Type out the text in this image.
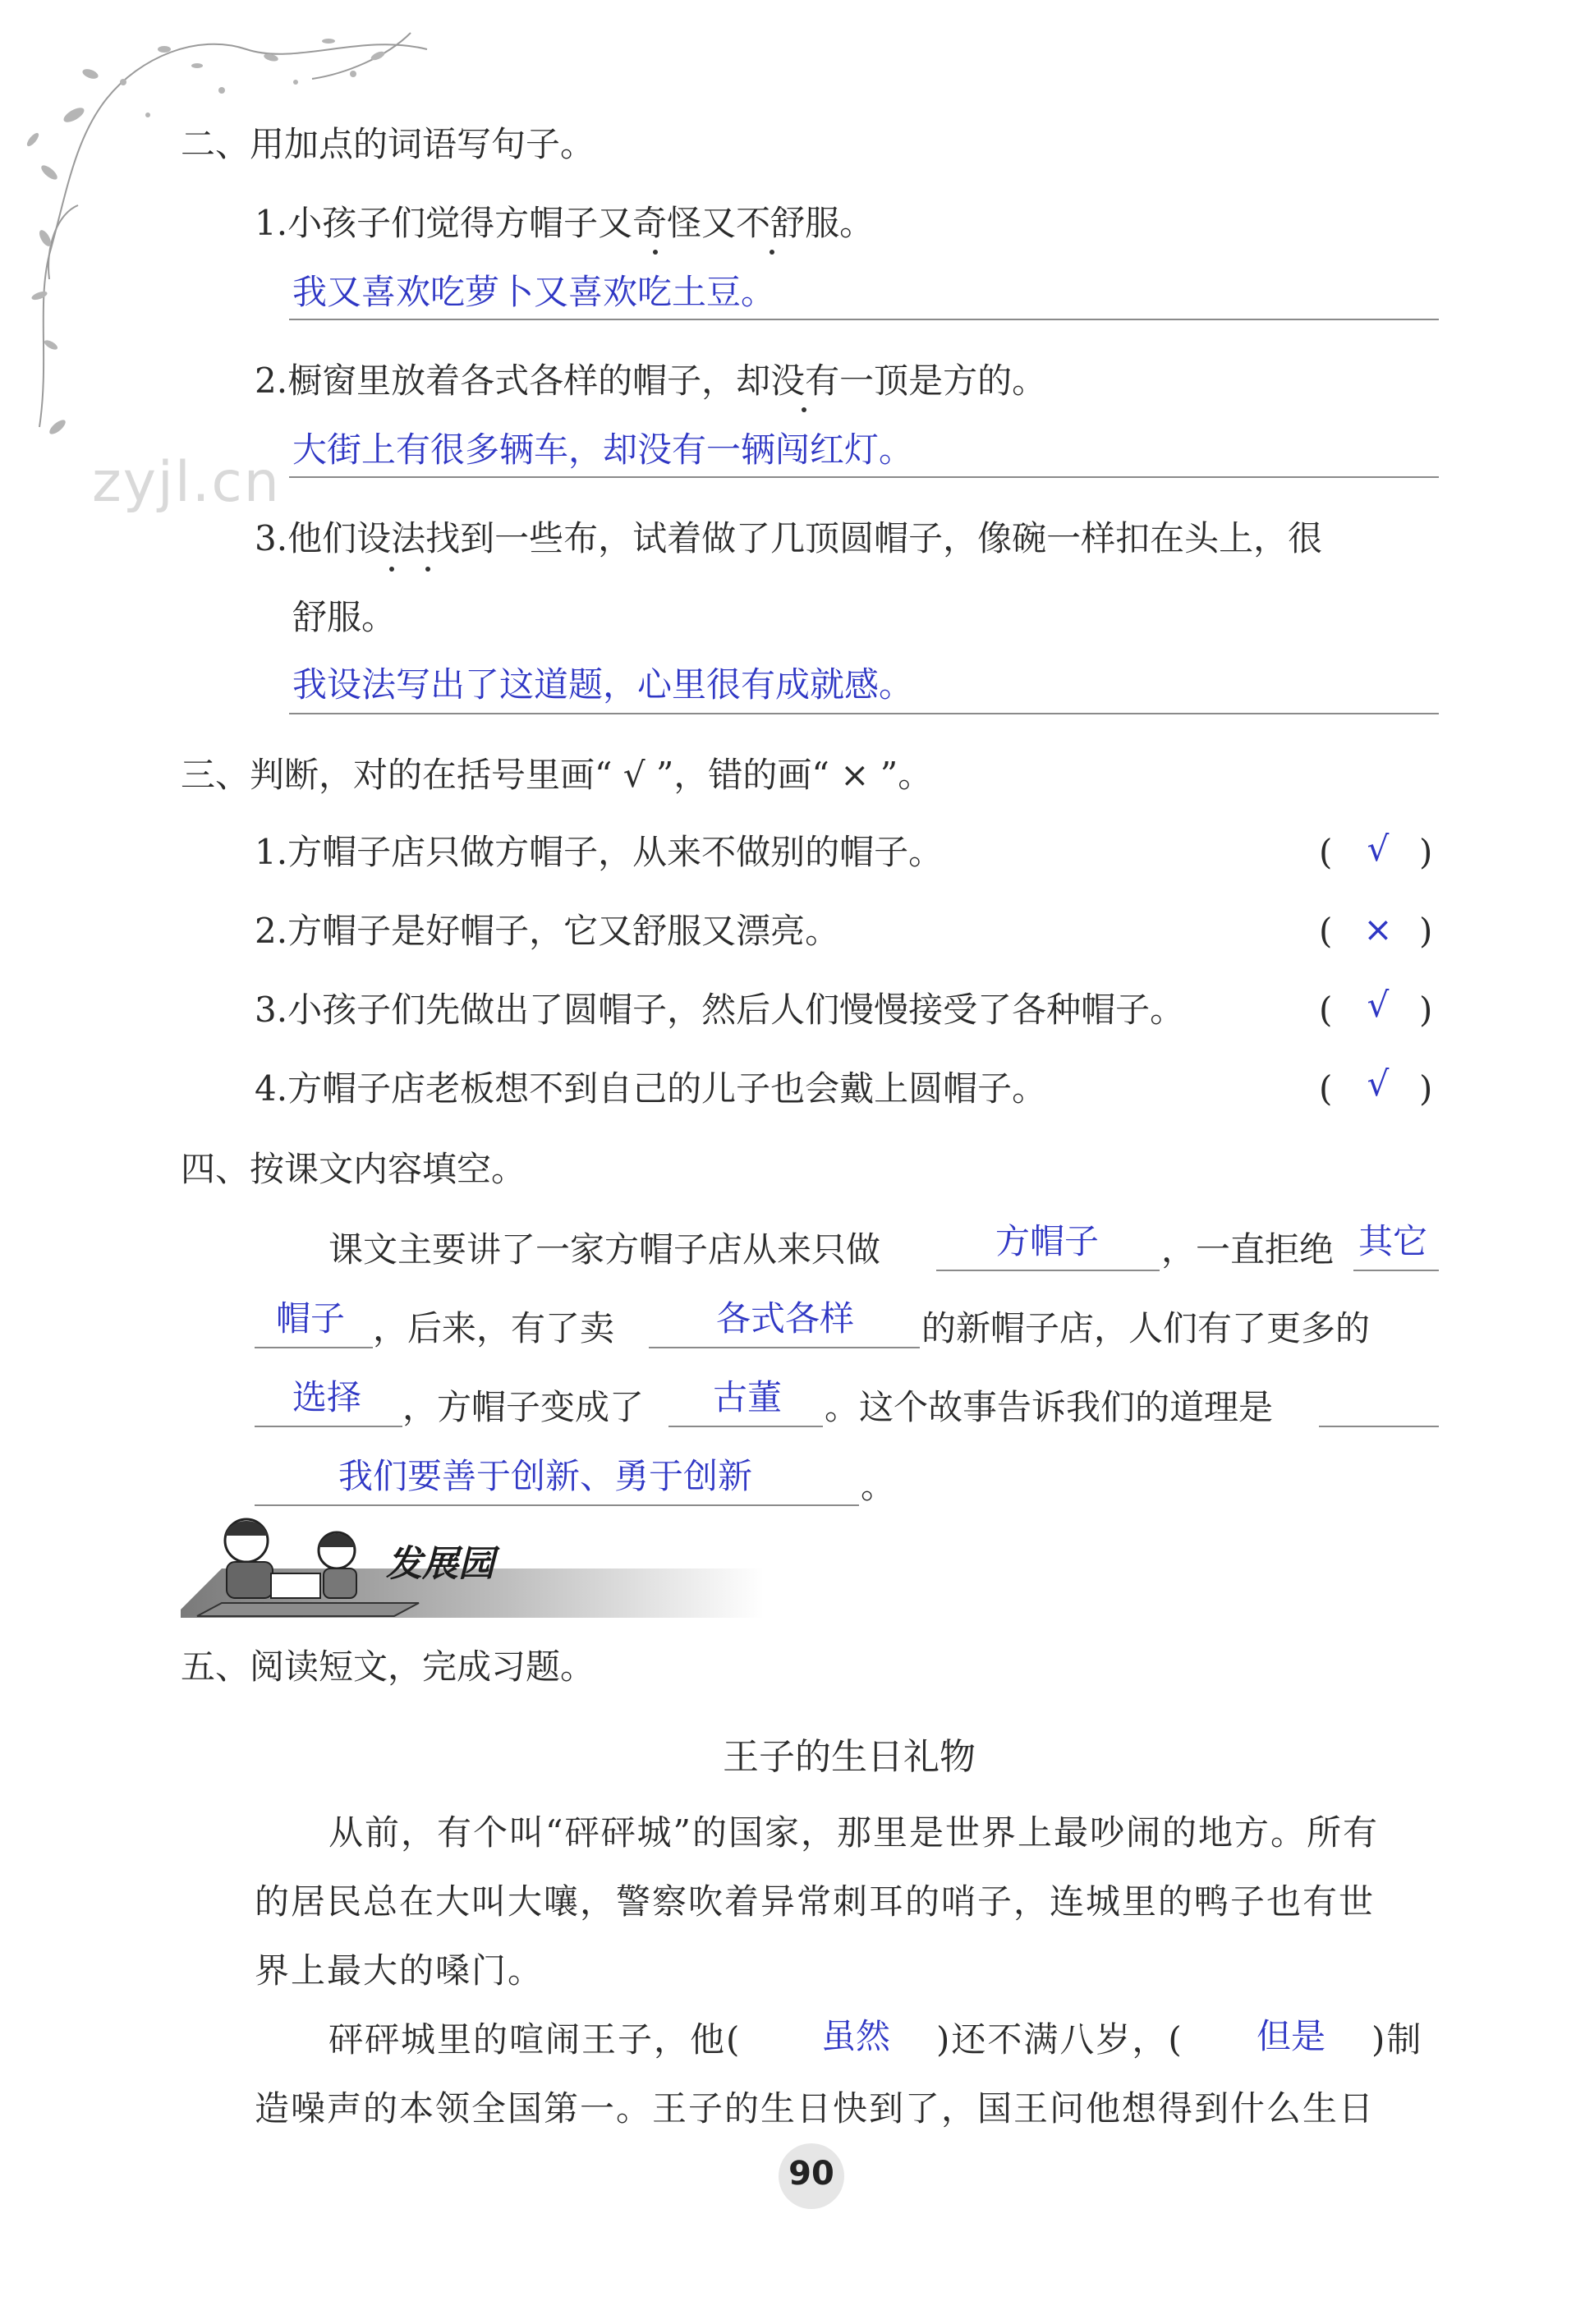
zyjl.cn
二、用加点的词语写句子。
1.小孩子们觉得方帽子又奇怪又不舒服。
我又喜欢吃萝卜又喜欢吃土豆。
2.橱窗里放着各式各样的帽子，却没有一顶是方的。
大街上有很多辆车，却没有一辆闯红灯。
3.他们设法找到一些布，试着做了几顶圆帽子，像碗一样扣在头上，很
舒服。
我设法写出了这道题，心里很有成就感。
三、判断，对的在括号里画“ √ ”，错的画“ × ”。
1.方帽子店只做方帽子，从来不做别的帽子。	(	√ )
2.方帽子是好帽子，它又舒服又漂亮。	( × )
3.小孩子们先做出了圆帽子，然后人们慢慢接受了各种帽子。	(	√ )
4.方帽子店老板想不到自己的儿子也会戴上圆帽子。	(	√ )
四、按课文内容填空。
课文主要讲了一家方帽子店从来只做	方帽子 ，一直拒绝 其它
帽子 ，后来，有了卖	各式各样 的新帽子店，人们有了更多的
选择 ，方帽子变成了 古董 。这个故事告诉我们的道理是
我们要善于创新、勇于创新	。
发展园
五、阅读短文，完成习题。
王子的生日礼物
从前，有个叫“砰砰城”的国家，那里是世界上最吵闹的地方。所有
的居民总在大叫大嚷，警察吹着异常刺耳的哨子，连城里的鸭子也有世
界上最大的嗓门。
砰砰城里的喧闹王子，他( 虽然 )还不满八岁，( 但是 )制
造噪声的本领全国第一。王子的生日快到了，国王问他想得到什么生日
90
